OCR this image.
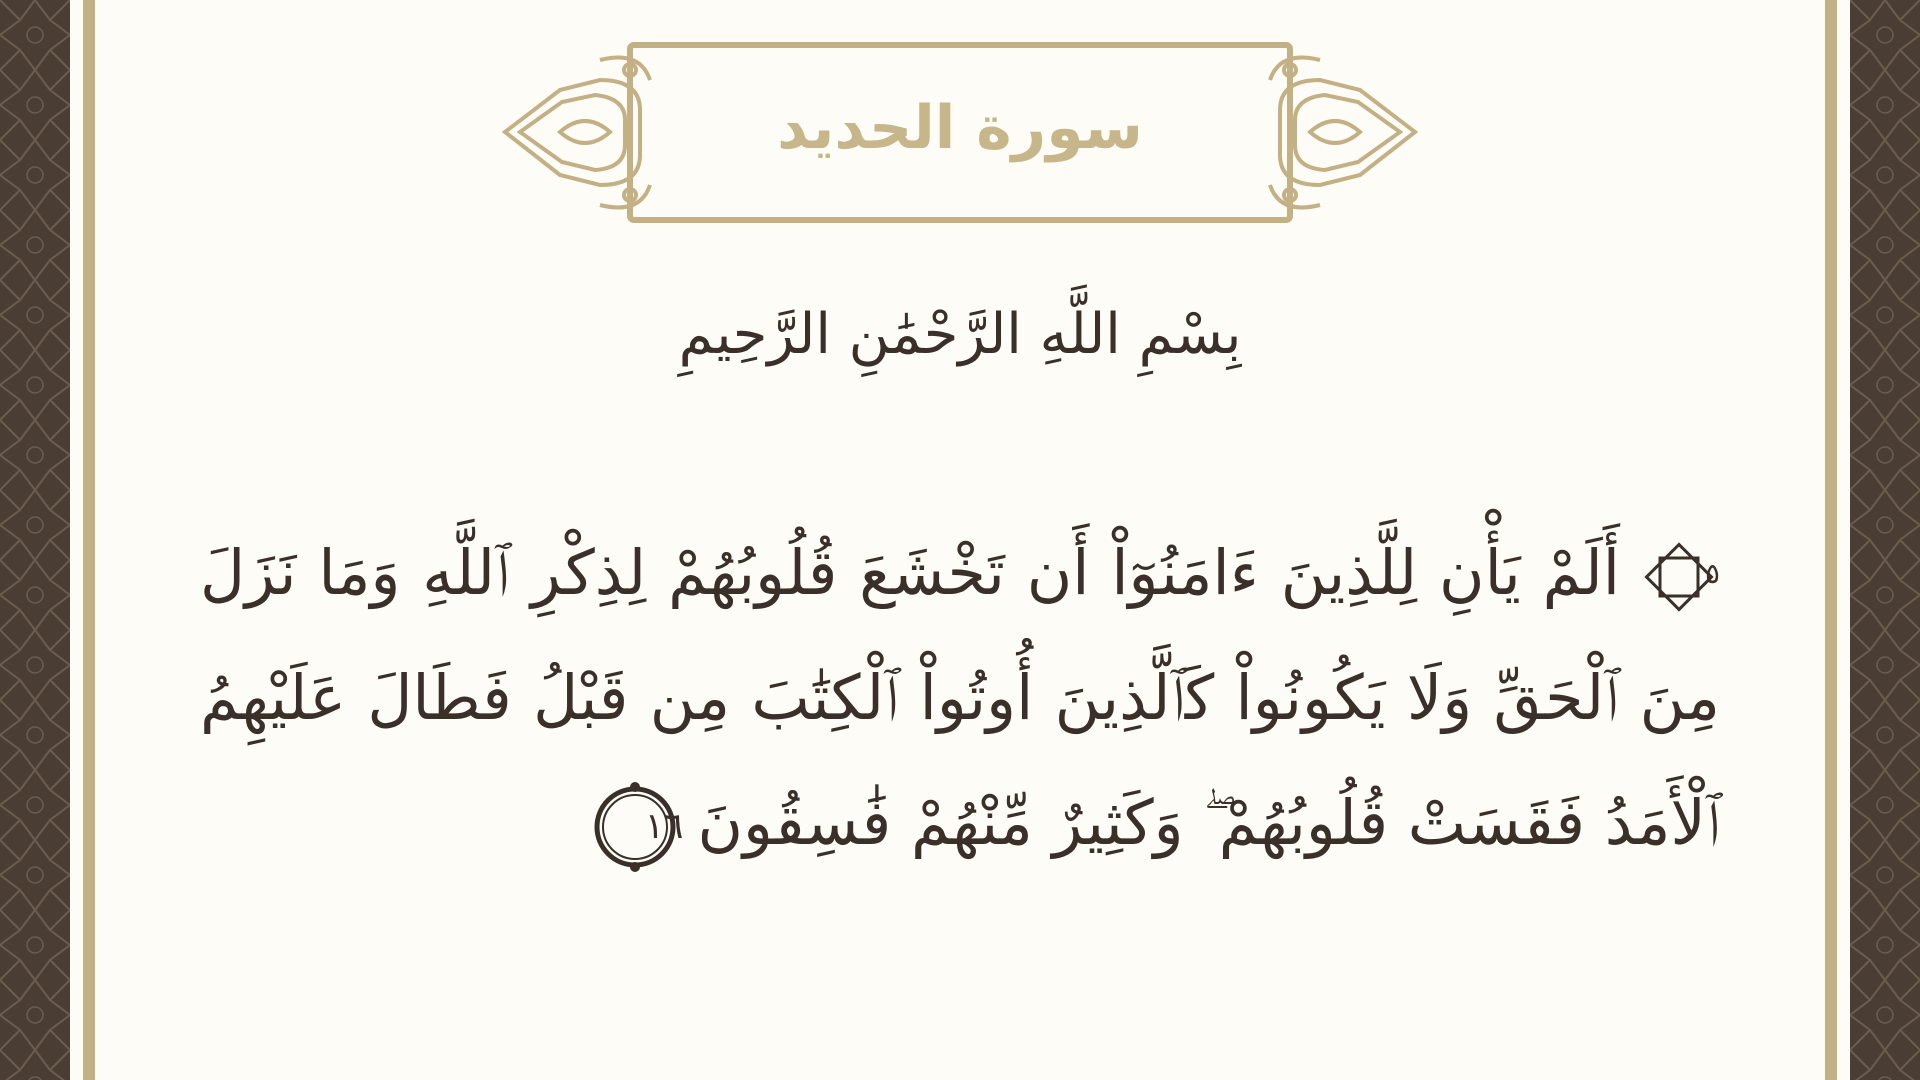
سورة الحديد
بِسْمِ اللَّهِ الرَّحْمَٰنِ الرَّحِيمِ
٥
أَلَمْ يَأْنِ لِلَّذِينَ ءَامَنُوٓاْ أَن تَخْشَعَ قُلُوبُهُمْ لِذِكْرِ ٱللَّهِ وَمَا نَزَلَ مِنَ ٱلْحَقِّ وَلَا يَكُونُواْ كَٱلَّذِينَ أُوتُواْ ٱلْكِتَٰبَ مِن قَبْلُ فَطَالَ عَلَيْهِمُ ٱلْأَمَدُ فَقَسَتْ قُلُوبُهُمْ ۖ وَكَثِيرٌ مِّنْهُمْ فَٰسِقُونَ
١٦
